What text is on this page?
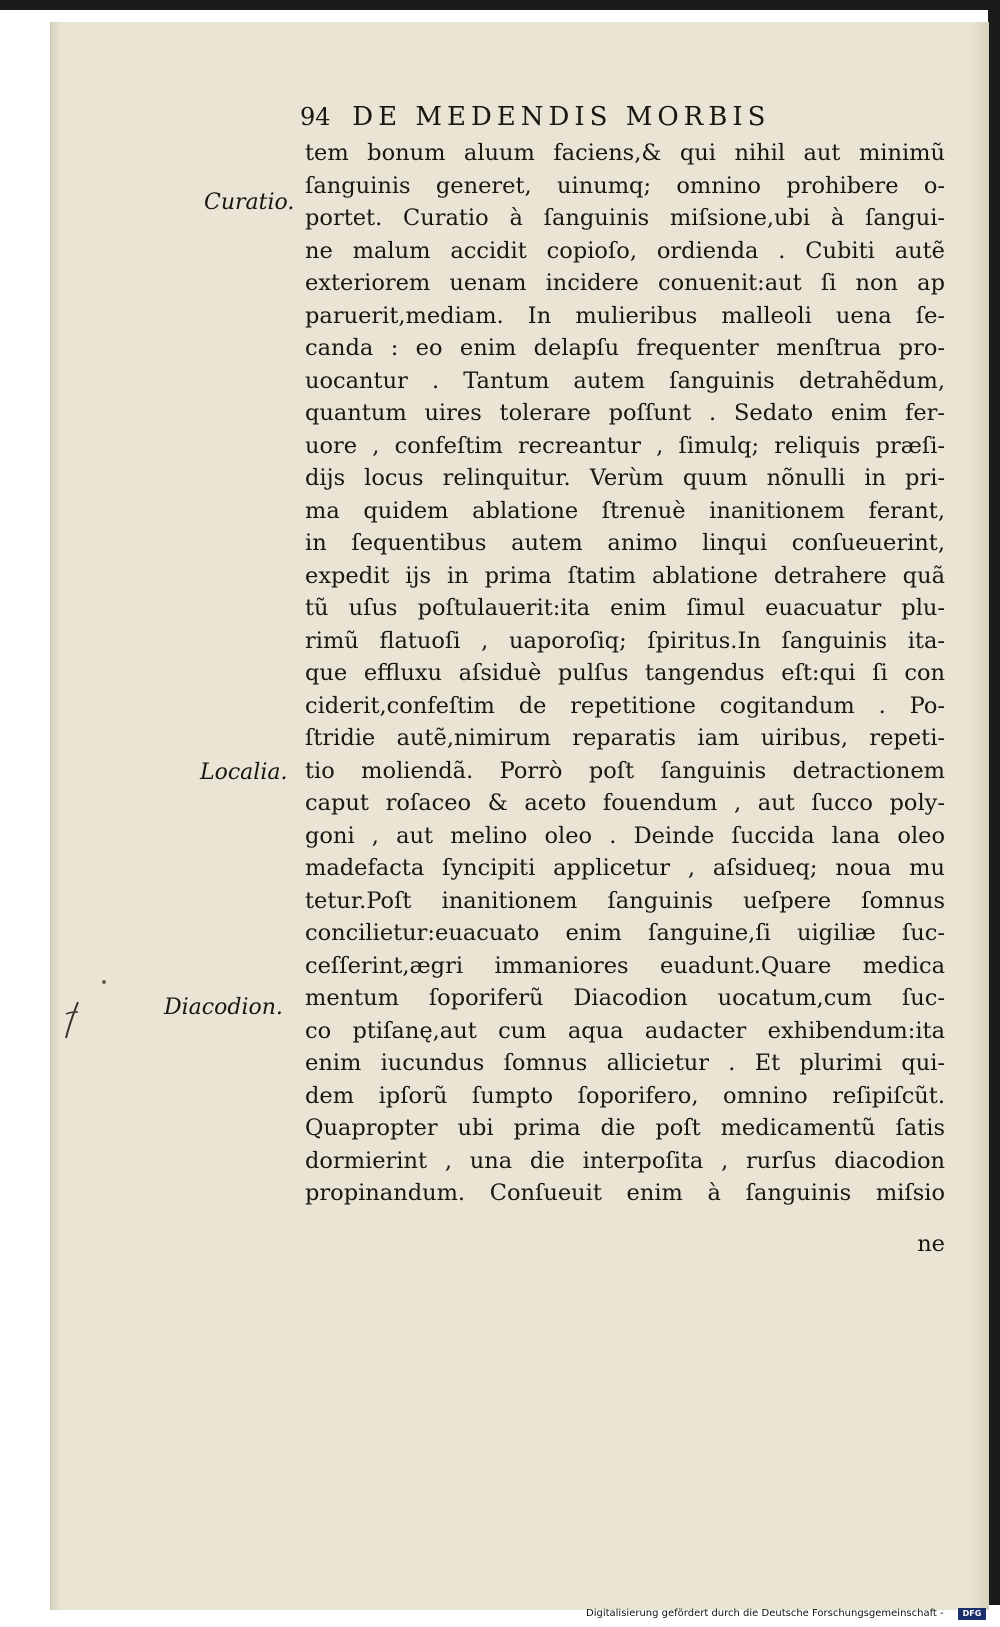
94 DE MEDENDIS MORBIS
Curatio.
Localia.
Diacodion.
tem bonum aluum faciens,& qui nihil aut minimũ
ſanguinis generet, uinumq; omnino prohibere o-
portet. Curatio à ſanguinis miſsione,ubi à ſangui-
ne malum accidit copioſo, ordienda . Cubiti autẽ
exteriorem uenam incidere conuenit:aut ſi non ap
paruerit,mediam. In mulieribus malleoli uena ſe-
canda : eo enim delapſu frequenter menſtrua pro-
uocantur . Tantum autem ſanguinis detrahẽdum,
quantum uires tolerare poſſunt . Sedato enim fer-
uore , confeſtim recreantur , ſimulq; reliquis præſi-
dijs locus relinquitur. Verùm quum nõnulli in pri-
ma quidem ablatione ſtrenuè inanitionem ferant,
in ſequentibus autem animo linqui conſueuerint,
expedit ijs in prima ſtatim ablatione detrahere quã
tũ uſus poſtulauerit:ita enim ſimul euacuatur plu-
rimũ flatuoſi , uaporoſiq; ſpiritus.In ſanguinis ita-
que effluxu aſsiduè pulſus tangendus eſt:qui ſi con
ciderit,confeſtim de repetitione cogitandum . Po-
ſtridie autẽ,nimirum reparatis iam uiribus, repeti-
tio moliendã. Porrò poſt ſanguinis detractionem
caput roſaceo & aceto fouendum , aut ſucco poly-
goni , aut melino oleo . Deinde ſuccida lana oleo
madefacta ſyncipiti applicetur , aſsidueq; noua mu
tetur.Poſt inanitionem ſanguinis ueſpere ſomnus
concilietur:euacuato enim ſanguine,ſi uigiliæ ſuc-
ceſſerint,ægri immaniores euadunt.Quare medica
mentum ſoporiferũ Diacodion uocatum,cum ſuc-
co ptiſanę,aut cum aqua audacter exhibendum:ita
enim iucundus ſomnus allicietur . Et plurimi qui-
dem ipſorũ ſumpto ſoporifero, omnino reſipiſcũt.
Quapropter ubi prima die poſt medicamentũ ſatis
dormierint , una die interpoſita , rurſus diacodion
propinandum. Conſueuit enim à ſanguinis miſsio
ne
Digitalisierung gefördert durch die Deutsche Forschungsgemeinschaft -	DFG
